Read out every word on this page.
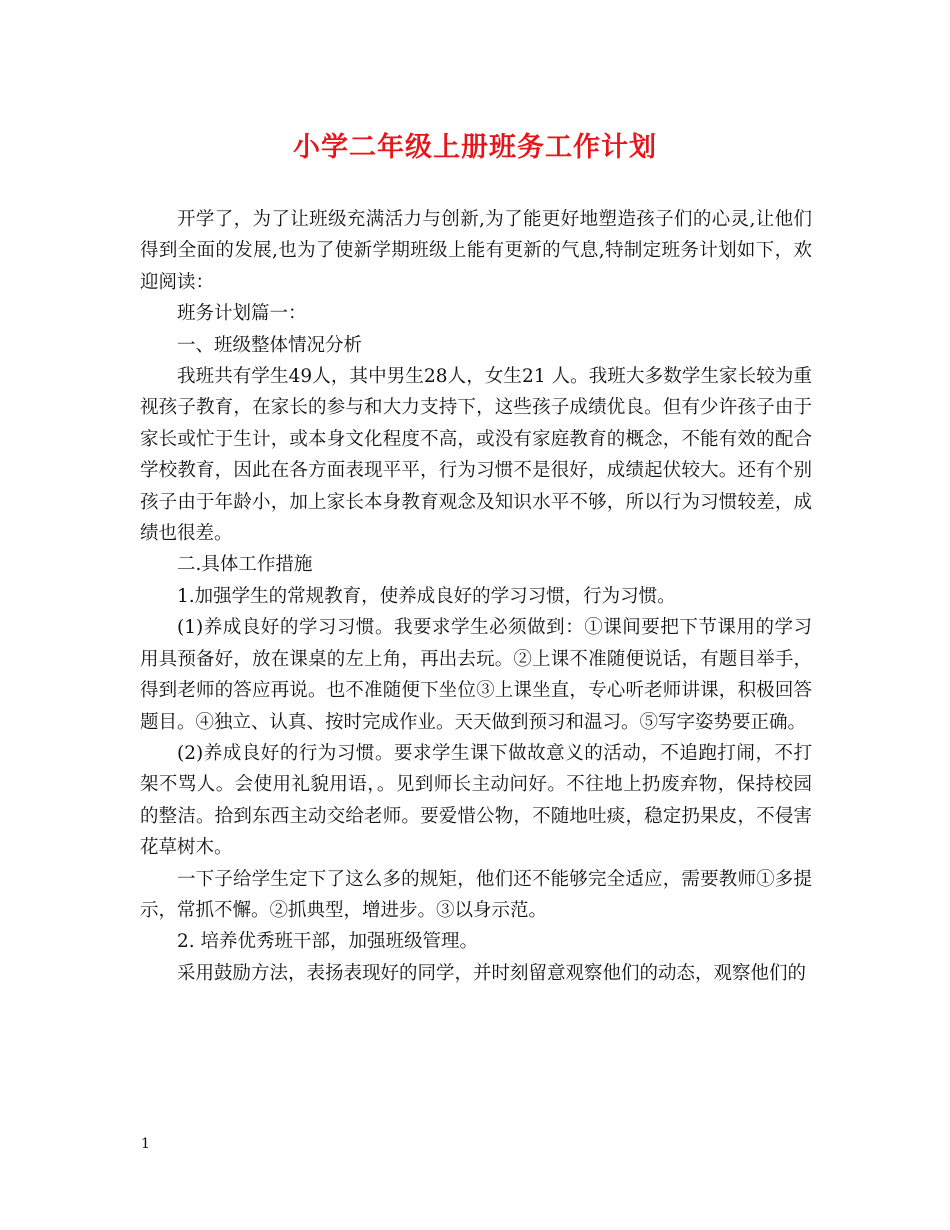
小学二年级上册班务工作计划

开学了，为了让班级充满活力与创新,为了能更好地塑造孩子们的心灵,让他们得到全面的发展,也为了使新学期班级上能有更新的气息,特制定班务计划如下，欢迎阅读：

班务计划篇一：

一、班级整体情况分析

我班共有学生49人，其中男生28人，女生21 人。我班大多数学生家长较为重视孩子教育，在家长的参与和大力支持下，这些孩子成绩优良。但有少许孩子由于家长或忙于生计，或本身文化程度不高，或没有家庭教育的概念，不能有效的配合学校教育，因此在各方面表现平平，行为习惯不是很好，成绩起伏较大。还有个别孩子由于年龄小，加上家长本身教育观念及知识水平不够，所以行为习惯较差，成绩也很差。

二.具体工作措施

1.加强学生的常规教育，使养成良好的学习习惯，行为习惯。

(1)养成良好的学习习惯。我要求学生必须做到：①课间要把下节课用的学习用具预备好，放在课桌的左上角，再出去玩。②上课不准随便说话，有题目举手，得到老师的答应再说。也不准随便下坐位③上课坐直，专心听老师讲课，积极回答题目。④独立、认真、按时完成作业。天天做到预习和温习。⑤写字姿势要正确。

(2)养成良好的行为习惯。要求学生课下做故意义的活动，不追跑打闹，不打架不骂人。会使用礼貌用语，。见到师长主动问好。不往地上扔废弃物，保持校园的整洁。拾到东西主动交给老师。要爱惜公物，不随地吐痰，稳定扔果皮，不侵害花草树木。

一下子给学生定下了这么多的规矩，他们还不能够完全适应，需要教师①多提示，常抓不懈。②抓典型，增进步。③以身示范。

2. 培养优秀班干部，加强班级管理。

采用鼓励方法，表扬表现好的同学，并时刻留意观察他们的动态，观察他们的

1
